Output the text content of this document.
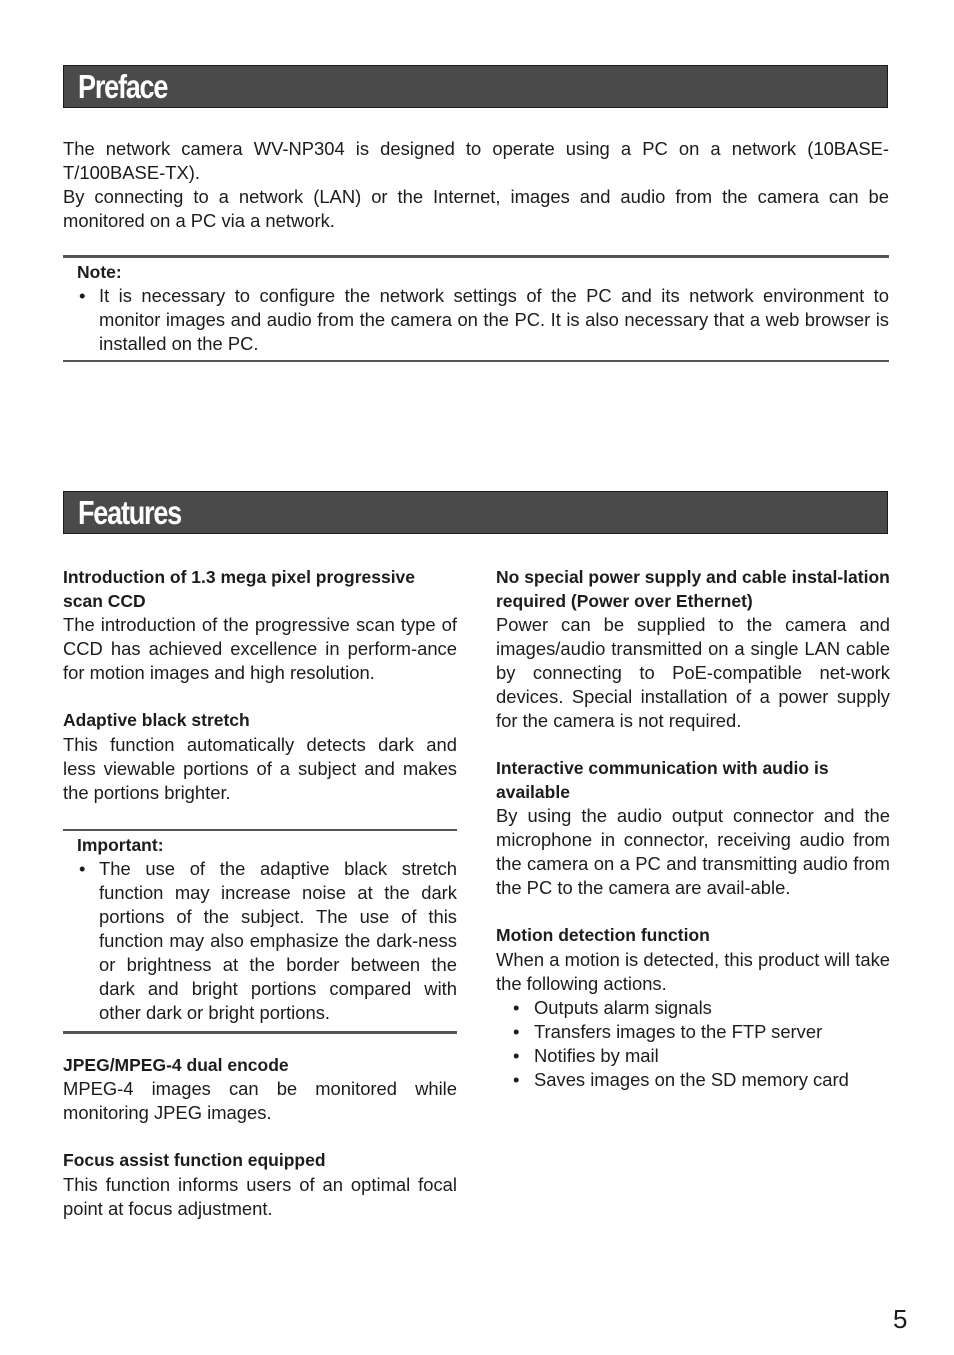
Preface

The network camera WV-NP304 is designed to operate using a PC on a network (10BASE-T/100BASE-TX).

By connecting to a network (LAN) or the Internet, images and audio from the camera can be monitored on a PC via a network.

Note:
• It is necessary to configure the network settings of the PC and its network environment to monitor images and audio from the camera on the PC. It is also necessary that a web browser is installed on the PC.
Features
Introduction of 1.3 mega pixel progressive scan CCD
The introduction of the progressive scan type of CCD has achieved excellence in perform-ance for motion images and high resolution.
Adaptive black stretch
This function automatically detects dark and less viewable portions of a subject and makes the portions brighter.
Important:
• The use of the adaptive black stretch function may increase noise at the dark portions of the subject. The use of this function may also emphasize the dark-ness or brightness at the border between the dark and bright portions compared with other dark or bright portions.
JPEG/MPEG-4 dual encode
MPEG-4 images can be monitored while monitoring JPEG images.
Focus assist function equipped
This function informs users of an optimal focal point at focus adjustment.
No special power supply and cable instal-lation required (Power over Ethernet)
Power can be supplied to the camera and images/audio transmitted on a single LAN cable by connecting to PoE-compatible net-work devices. Special installation of a power supply for the camera is not required.
Interactive communication with audio is available
By using the audio output connector and the microphone in connector, receiving audio from the camera on a PC and transmitting audio from the PC to the camera are avail-able.
Motion detection function
When a motion is detected, this product will take the following actions.
• Outputs alarm signals
• Transfers images to the FTP server
• Notifies by mail
• Saves images on the SD memory card
5
